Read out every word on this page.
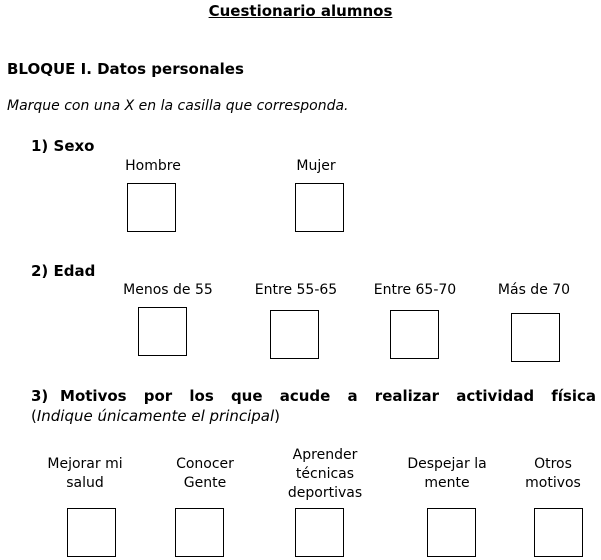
Cuestionario alumnos
BLOQUE I. Datos personales
Marque con una X en la casilla que corresponda.
1) Sexo
Hombre	Mujer
2) Edad
Menos de 55	Entre 55-65	Entre 65-70	Más de 70
3) Motivos por los que acude a realizar actividad física (Indique únicamente el principal)
Mejorar mi
salud
Conocer
Gente
Aprender
técnicas
deportivas
Despejar la
mente
Otros
motivos
